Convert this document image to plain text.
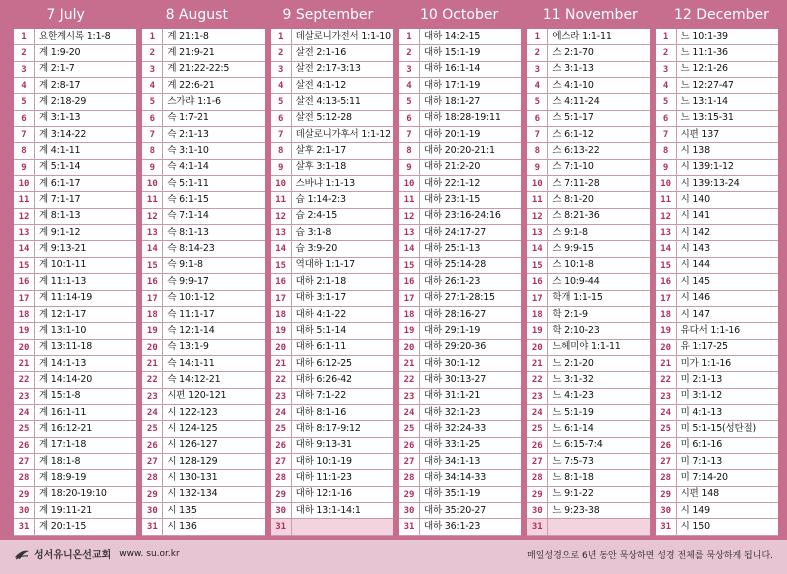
7 July	8 August	9 September	10 October	11 November	12 December
1	요한계시록 1:1-8
2	계 1:9-20
3	계 2:1-7
4	계 2:8-17
5	계 2:18-29
6	계 3:1-13
7	계 3:14-22
8	계 4:1-11
9	계 5:1-14
10	계 6:1-17
11	계 7:1-17
12	계 8:1-13
13	계 9:1-12
14	계 9:13-21
15	계 10:1-11
16	계 11:1-13
17	계 11:14-19
18	계 12:1-17
19	계 13:1-10
20	계 13:11-18
21	계 14:1-13
22	계 14:14-20
23	계 15:1-8
24	계 16:1-11
25	계 16:12-21
26	계 17:1-18
27	계 18:1-8
28	계 18:9-19
29	계 18:20-19:10
30	계 19:11-21
31	계 20:1-15
1	계 21:1-8
2	계 21:9-21
3	계 21:22-22:5
4	계 22:6-21
5	스가랴 1:1-6
6	슥 1:7-21
7	슥 2:1-13
8	슥 3:1-10
9	슥 4:1-14
10	슥 5:1-11
11	슥 6:1-15
12	슥 7:1-14
13	슥 8:1-13
14	슥 8:14-23
15	슥 9:1-8
16	슥 9:9-17
17	슥 10:1-12
18	슥 11:1-17
19	슥 12:1-14
20	슥 13:1-9
21	슥 14:1-11
22	슥 14:12-21
23	시편 120-121
24	시 122-123
25	시 124-125
26	시 126-127
27	시 128-129
28	시 130-131
29	시 132-134
30	시 135
31	시 136
1	데살로니가전서 1:1-10
2	살전 2:1-16
3	살전 2:17-3:13
4	살전 4:1-12
5	살전 4:13-5:11
6	살전 5:12-28
7	데살로니가후서 1:1-12
8	살후 2:1-17
9	살후 3:1-18
10	스바냐 1:1-13
11	습 1:14-2:3
12	습 2:4-15
13	습 3:1-8
14	습 3:9-20
15	역대하 1:1-17
16	대하 2:1-18
17	대하 3:1-17
18	대하 4:1-22
19	대하 5:1-14
20	대하 6:1-11
21	대하 6:12-25
22	대하 6:26-42
23	대하 7:1-22
24	대하 8:1-16
25	대하 8:17-9:12
26	대하 9:13-31
27	대하 10:1-19
28	대하 11:1-23
29	대하 12:1-16
30	대하 13:1-14:1
31
1	대하 14:2-15
2	대하 15:1-19
3	대하 16:1-14
4	대하 17:1-19
5	대하 18:1-27
6	대하 18:28-19:11
7	대하 20:1-19
8	대하 20:20-21:1
9	대하 21:2-20
10	대하 22:1-12
11	대하 23:1-15
12	대하 23:16-24:16
13	대하 24:17-27
14	대하 25:1-13
15	대하 25:14-28
16	대하 26:1-23
17	대하 27:1-28:15
18	대하 28:16-27
19	대하 29:1-19
20	대하 29:20-36
21	대하 30:1-12
22	대하 30:13-27
23	대하 31:1-21
24	대하 32:1-23
25	대하 32:24-33
26	대하 33:1-25
27	대하 34:1-13
28	대하 34:14-33
29	대하 35:1-19
30	대하 35:20-27
31	대하 36:1-23
1	에스라 1:1-11
2	스 2:1-70
3	스 3:1-13
4	스 4:1-10
5	스 4:11-24
6	스 5:1-17
7	스 6:1-12
8	스 6:13-22
9	스 7:1-10
10	스 7:11-28
11	스 8:1-20
12	스 8:21-36
13	스 9:1-8
14	스 9:9-15
15	스 10:1-8
16	스 10:9-44
17	학개 1:1-15
18	학 2:1-9
19	학 2:10-23
20	느헤미야 1:1-11
21	느 2:1-20
22	느 3:1-32
23	느 4:1-23
24	느 5:1-19
25	느 6:1-14
26	느 6:15-7:4
27	느 7:5-73
28	느 8:1-18
29	느 9:1-22
30	느 9:23-38
31
1	느 10:1-39
2	느 11:1-36
3	느 12:1-26
4	느 12:27-47
5	느 13:1-14
6	느 13:15-31
7	시편 137
8	시 138
9	시 139:1-12
10	시 139:13-24
11	시 140
12	시 141
13	시 142
14	시 143
15	시 144
16	시 145
17	시 146
18	시 147
19	유다서 1:1-16
20	유 1:17-25
21	미가 1:1-16
22	미 2:1-13
23	미 3:1-12
24	미 4:1-13
25	미 5:1-15(성탄절)
26	미 6:1-16
27	미 7:1-13
28	미 7:14-20
29	시편 148
30	시 149
31	시 150
성서유니온선교회 www. su.or.kr	매일성경으로 6년 동안 묵상하면 성경 전체를 묵상하게 됩니다.
